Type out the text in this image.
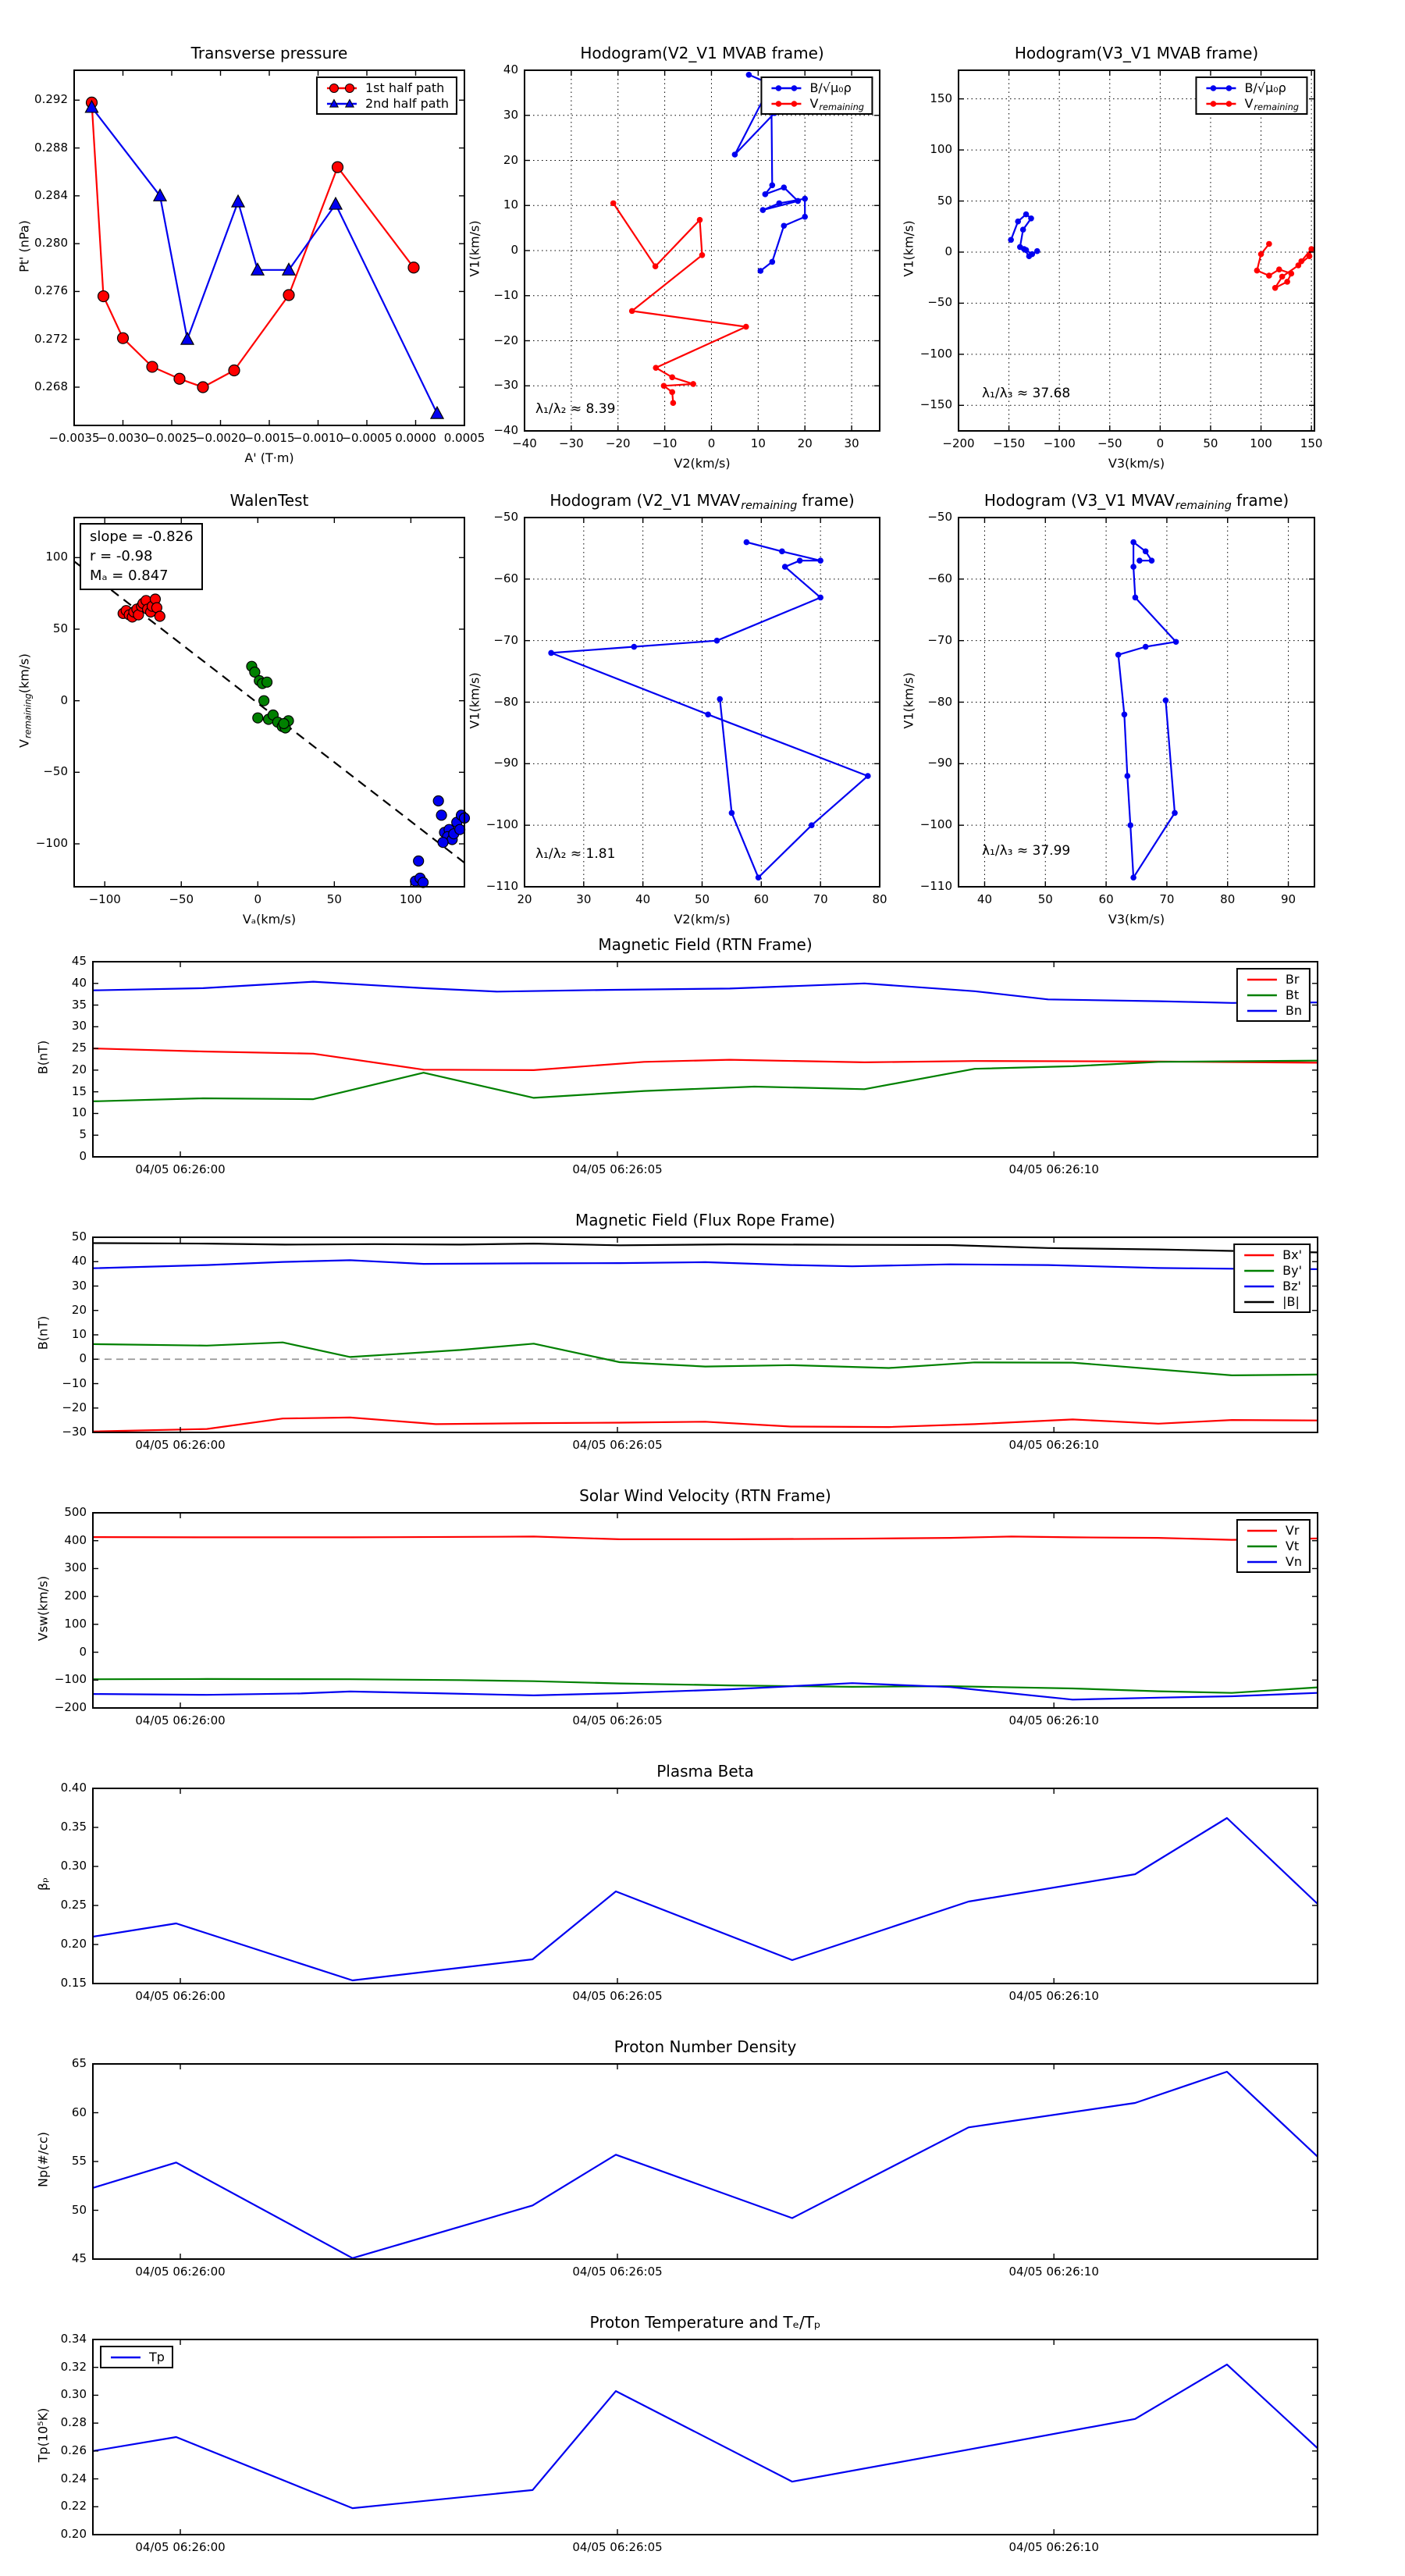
Transverse pressure
Pt' (nPa)
A' (T·m)
Hodogram(V2_V1 MVAB frame)
V1(km/s)
V2(km/s)
λ₁/λ₂ ≈ 8.39
Hodogram(V3_V1 MVAB frame)
V1(km/s)
V3(km/s)
λ₁/λ₃ ≈ 37.68
WalenTest
$V_{remaining}(km/s)$
Vₐ(km/s)
slope = -0.826
r = -0.98
Mₐ = 0.847
Hodogram (V2_V1 $MVAV_{remaining}$ frame)
V1(km/s)
V2(km/s)
λ₁/λ₂ ≈ 1.81
Hodogram (V3_V1 $MVAV_{remaining}$ frame)
V1(km/s)
V3(km/s)
λ₁/λ₃ ≈ 37.99
Magnetic Field (RTN Frame)
B(nT)
Magnetic Field (Flux Rope Frame)
B(nT)
Solar Wind Velocity (RTN Frame)
Vsw(km/s)
Plasma Beta
βₚ
Proton Number Density
Np(#/cc)
Proton Temperature and Tₑ/Tₚ
Tp(10⁵K)
−0.0035
−0.0030
−0.0025
−0.0020
−0.0015
−0.0010
−0.0005 0.0000 0.0005
0.268
0.272
0.276
0.280
0.284
0.288
0.292
1st half path
2nd half path
−40	−30	−20	−10	0	10	20	30
−40
−30
−20
−10
0
10
20
30
40
B/√μ₀ρ
$V_{remaining}$
−200	−150	−100	−50	0	50	100	150
−150
−100
−50
0
50
100
150
B/√μ₀ρ
$V_{remaining}$
−100	−50	0	50	100
−100
−50
0
50
100
20	30	40	50	60	70	80
−110
−100
−90
−80
−70
−60
−50
40	50	60	70	80	90
−110
−100
−90
−80
−70
−60
−50
04/05 06:26:00	04/05 06:26:05	04/05 06:26:10
0
5
10
15
20
25
30
35
40
45
Br
Bt
Bn
04/05 06:26:00	04/05 06:26:05	04/05 06:26:10
−30
−20
−10
0
10
20
30
40
50
Bx'
By'
Bz'
|B|
04/05 06:26:00	04/05 06:26:05	04/05 06:26:10
−200
−100
0
100
200
300
400
500
Vr
Vt
Vn
04/05 06:26:00	04/05 06:26:05	04/05 06:26:10
0.15
0.20
0.25
0.30
0.35
0.40
04/05 06:26:00	04/05 06:26:05	04/05 06:26:10
45
50
55
60
65
04/05 06:26:00	04/05 06:26:05	04/05 06:26:10
0.20
0.22
0.24
0.26
0.28
0.30
0.32
0.34
Tp
